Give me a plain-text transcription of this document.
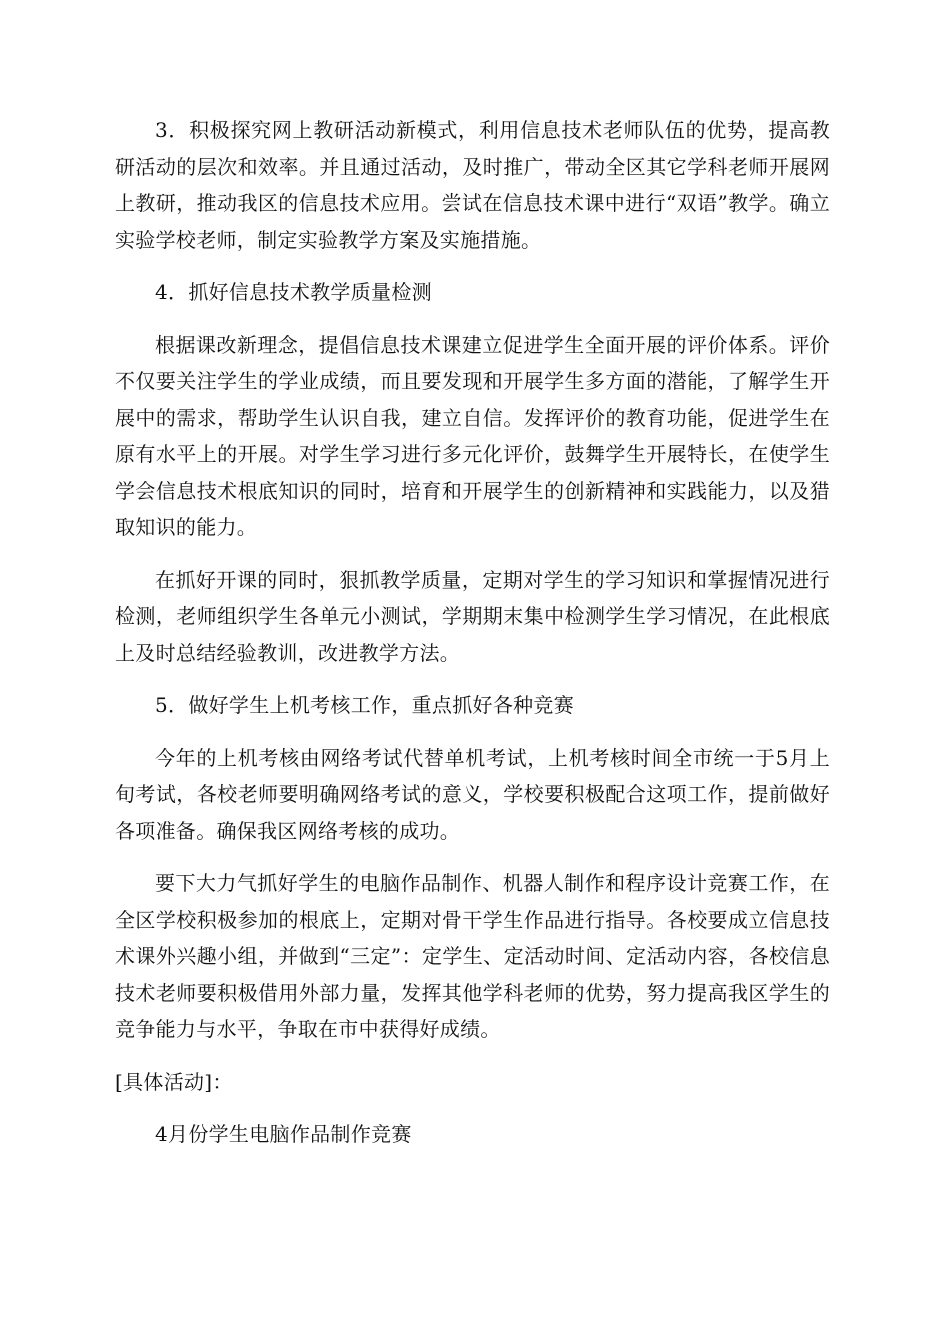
3．积极探究网上教研活动新模式，利用信息技术老师队伍的优势，提高教研活动的层次和效率。并且通过活动，及时推广，带动全区其它学科老师开展网上教研，推动我区的信息技术应用。尝试在信息技术课中进行“双语”教学。确立实验学校老师，制定实验教学方案及实施措施。

4．抓好信息技术教学质量检测

根据课改新理念，提倡信息技术课建立促进学生全面开展的评价体系。评价不仅要关注学生的学业成绩，而且要发现和开展学生多方面的潜能，了解学生开展中的需求，帮助学生认识自我，建立自信。发挥评价的教育功能，促进学生在原有水平上的开展。对学生学习进行多元化评价，鼓舞学生开展特长，在使学生学会信息技术根底知识的同时，培育和开展学生的创新精神和实践能力，以及猎取知识的能力。

在抓好开课的同时，狠抓教学质量，定期对学生的学习知识和掌握情况进行检测，老师组织学生各单元小测试，学期期末集中检测学生学习情况，在此根底上及时总结经验教训，改进教学方法。

5．做好学生上机考核工作，重点抓好各种竞赛

今年的上机考核由网络考试代替单机考试，上机考核时间全市统一于5月上旬考试，各校老师要明确网络考试的意义，学校要积极配合这项工作，提前做好各项准备。确保我区网络考核的成功。

要下大力气抓好学生的电脑作品制作、机器人制作和程序设计竞赛工作，在全区学校积极参加的根底上，定期对骨干学生作品进行指导。各校要成立信息技术课外兴趣小组，并做到“三定”：定学生、定活动时间、定活动内容，各校信息技术老师要积极借用外部力量，发挥其他学科老师的优势，努力提高我区学生的竞争能力与水平，争取在市中获得好成绩。

[具体活动]：

4月份学生电脑作品制作竞赛
